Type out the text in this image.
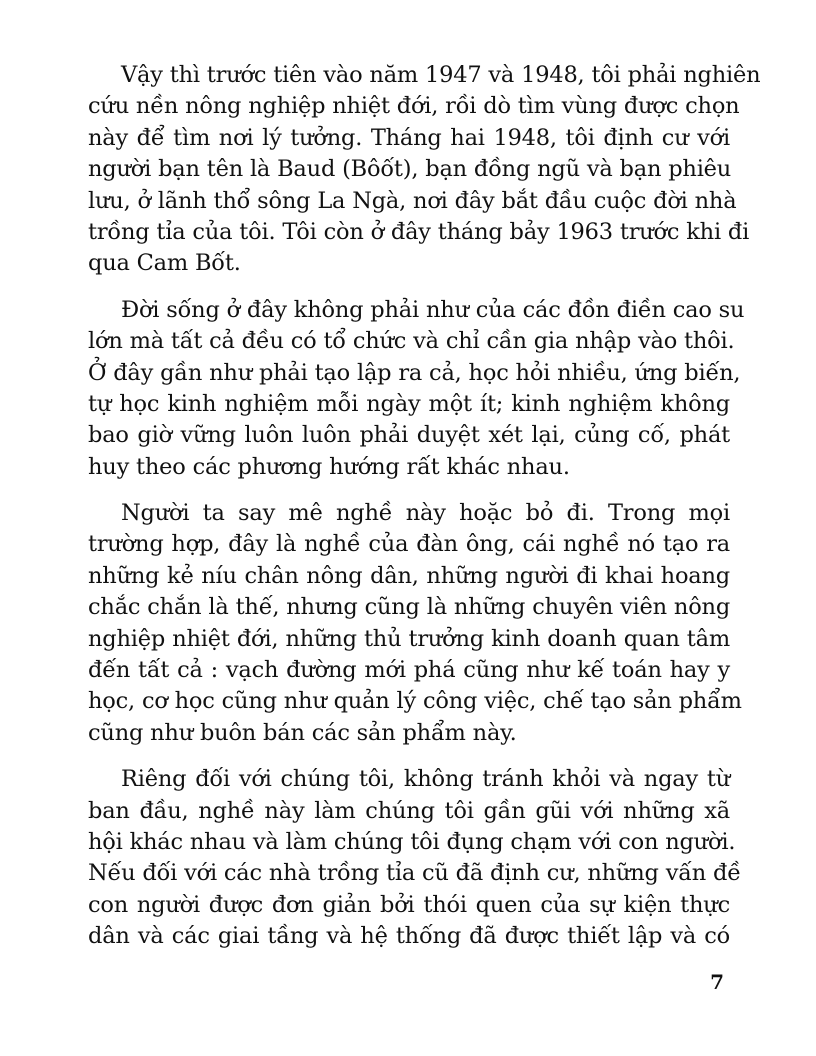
Vậy thì trước tiên vào năm 1947 và 1948, tôi phải nghiên
cứu nền nông nghiệp nhiệt đới, rồi dò tìm vùng được chọn
này để tìm nơi lý tưởng. Tháng hai 1948, tôi định cư với
người bạn tên là Baud (Bôốt), bạn đồng ngũ và bạn phiêu
lưu, ở lãnh thổ sông La Ngà, nơi đây bắt đầu cuộc đời nhà
trồng tỉa của tôi. Tôi còn ở đây tháng bảy 1963 trước khi đi
qua Cam Bốt.

Đời sống ở đây không phải như của các đồn điền cao su
lớn mà tất cả đều có tổ chức và chỉ cần gia nhập vào thôi.
Ở đây gần như phải tạo lập ra cả, học hỏi nhiều, ứng biến,
tự học kinh nghiệm mỗi ngày một ít; kinh nghiệm không
bao giờ vững luôn luôn phải duyệt xét lại, củng cố, phát
huy theo các phương hướng rất khác nhau.

Người ta say mê nghề này hoặc bỏ đi. Trong mọi
trường hợp, đây là nghề của đàn ông, cái nghề nó tạo ra
những kẻ níu chân nông dân, những người đi khai hoang
chắc chắn là thế, nhưng cũng là những chuyên viên nông
nghiệp nhiệt đới, những thủ trưởng kinh doanh quan tâm
đến tất cả : vạch đường mới phá cũng như kế toán hay y
học, cơ học cũng như quản lý công việc, chế tạo sản phẩm
cũng như buôn bán các sản phẩm này.

Riêng đối với chúng tôi, không tránh khỏi và ngay từ
ban đầu, nghề này làm chúng tôi gần gũi với những xã
hội khác nhau và làm chúng tôi đụng chạm với con người.
Nếu đối với các nhà trồng tỉa cũ đã định cư, những vấn đề
con người được đơn giản bởi thói quen của sự kiện thực
dân và các giai tầng và hệ thống đã được thiết lập và có

7
